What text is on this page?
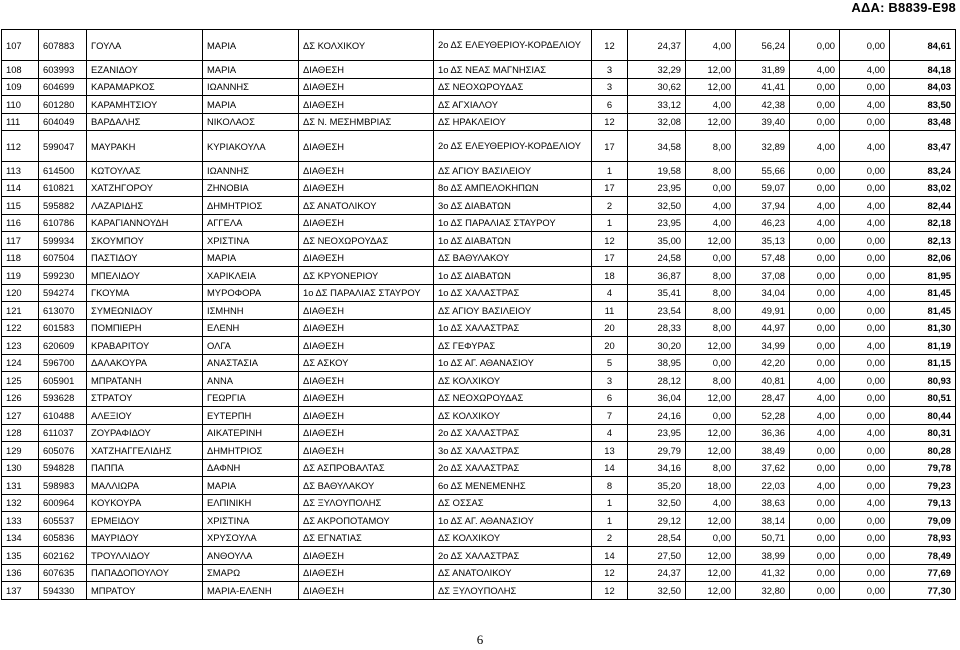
ΑΔΑ: Β8839-Ε98
107	607883	ΓΟΥΛΑ	ΜΑΡΙΑ	ΔΣ ΚΟΛΧΙΚΟΥ	2ο ΔΣ ΕΛΕΥΘΕΡΙΟΥ-ΚΟΡΔΕΛΙΟΥ	12	24,37	4,00	56,24	0,00	0,00	84,61
108	603993	ΕΖΑΝΙΔΟΥ	ΜΑΡΙΑ	ΔΙΑΘΕΣΗ	1ο ΔΣ ΝΕΑΣ ΜΑΓΝΗΣΙΑΣ	3	32,29	12,00	31,89	4,00	4,00	84,18
109	604699	ΚΑΡΑΜΑΡΚΟΣ	ΙΩΑΝΝΗΣ	ΔΙΑΘΕΣΗ	ΔΣ ΝΕΟΧΩΡΟΥΔΑΣ	3	30,62	12,00	41,41	0,00	0,00	84,03
110	601280	ΚΑΡΑΜΗΤΣΙΟΥ	ΜΑΡΙΑ	ΔΙΑΘΕΣΗ	ΔΣ ΑΓΧΙΑΛΟΥ	6	33,12	4,00	42,38	0,00	4,00	83,50
111	604049	ΒΑΡΔΑΛΗΣ	ΝΙΚΟΛΑΟΣ	ΔΣ Ν. ΜΕΣΗΜΒΡΙΑΣ	ΔΣ ΗΡΑΚΛΕΙΟΥ	12	32,08	12,00	39,40	0,00	0,00	83,48
112	599047	ΜΑΥΡΑΚΗ	ΚΥΡΙΑΚΟΥΛΑ	ΔΙΑΘΕΣΗ	2ο ΔΣ ΕΛΕΥΘΕΡΙΟΥ-ΚΟΡΔΕΛΙΟΥ	17	34,58	8,00	32,89	4,00	4,00	83,47
113	614500	ΚΩΤΟΥΛΑΣ	ΙΩΑΝΝΗΣ	ΔΙΑΘΕΣΗ	ΔΣ ΑΓΙΟΥ ΒΑΣΙΛΕΙΟΥ	1	19,58	8,00	55,66	0,00	0,00	83,24
114	610821	ΧΑΤΖΗΓΟΡΟΥ	ΖΗΝΟΒΙΑ	ΔΙΑΘΕΣΗ	8ο ΔΣ ΑΜΠΕΛΟΚΗΠΩΝ	17	23,95	0,00	59,07	0,00	0,00	83,02
115	595882	ΛΑΖΑΡΙΔΗΣ	ΔΗΜΗΤΡΙΟΣ	ΔΣ ΑΝΑΤΟΛΙΚΟΥ	3ο ΔΣ ΔΙΑΒΑΤΩΝ	2	32,50	4,00	37,94	4,00	4,00	82,44
116	610786	ΚΑΡΑΓΙΑΝΝΟΥΔΗ	ΑΓΓΕΛΑ	ΔΙΑΘΕΣΗ	1ο ΔΣ ΠΑΡΑΛΙΑΣ ΣΤΑΥΡΟΥ	1	23,95	4,00	46,23	4,00	4,00	82,18
117	599934	ΣΚΟΥΜΠΟΥ	ΧΡΙΣΤΙΝΑ	ΔΣ ΝΕΟΧΩΡΟΥΔΑΣ	1ο ΔΣ ΔΙΑΒΑΤΩΝ	12	35,00	12,00	35,13	0,00	0,00	82,13
118	607504	ΠΑΣΤΙΔΟΥ	ΜΑΡΙΑ	ΔΙΑΘΕΣΗ	ΔΣ ΒΑΘΥΛΑΚΟΥ	17	24,58	0,00	57,48	0,00	0,00	82,06
119	599230	ΜΠΕΛΙΔΟΥ	ΧΑΡΙΚΛΕΙΑ	ΔΣ ΚΡΥΟΝΕΡΙΟΥ	1ο ΔΣ ΔΙΑΒΑΤΩΝ	18	36,87	8,00	37,08	0,00	0,00	81,95
120	594274	ΓΚΟΥΜΑ	ΜΥΡΟΦΟΡΑ	1ο ΔΣ ΠΑΡΑΛΙΑΣ ΣΤΑΥΡΟΥ	1ο ΔΣ ΧΑΛΑΣΤΡΑΣ	4	35,41	8,00	34,04	0,00	4,00	81,45
121	613070	ΣΥΜΕΩΝΙΔΟΥ	ΙΣΜΗΝΗ	ΔΙΑΘΕΣΗ	ΔΣ ΑΓΙΟΥ ΒΑΣΙΛΕΙΟΥ	11	23,54	8,00	49,91	0,00	0,00	81,45
122	601583	ΠΟΜΠΙΕΡΗ	ΕΛΕΝΗ	ΔΙΑΘΕΣΗ	1ο ΔΣ ΧΑΛΑΣΤΡΑΣ	20	28,33	8,00	44,97	0,00	0,00	81,30
123	620609	ΚΡΑΒΑΡΙΤΟΥ	ΟΛΓΑ	ΔΙΑΘΕΣΗ	ΔΣ ΓΕΦΥΡΑΣ	20	30,20	12,00	34,99	0,00	4,00	81,19
124	596700	ΔΑΛΑΚΟΥΡΑ	ΑΝΑΣΤΑΣΙΑ	ΔΣ ΑΣΚΟΥ	1ο ΔΣ ΑΓ. ΑΘΑΝΑΣΙΟΥ	5	38,95	0,00	42,20	0,00	0,00	81,15
125	605901	ΜΠΡΑΤΑΝΗ	ΑΝΝΑ	ΔΙΑΘΕΣΗ	ΔΣ ΚΟΛΧΙΚΟΥ	3	28,12	8,00	40,81	4,00	0,00	80,93
126	593628	ΣΤΡΑΤΟΥ	ΓΕΩΡΓΙΑ	ΔΙΑΘΕΣΗ	ΔΣ ΝΕΟΧΩΡΟΥΔΑΣ	6	36,04	12,00	28,47	4,00	0,00	80,51
127	610488	ΑΛΕΞΙΟΥ	ΕΥΤΕΡΠΗ	ΔΙΑΘΕΣΗ	ΔΣ ΚΟΛΧΙΚΟΥ	7	24,16	0,00	52,28	4,00	0,00	80,44
128	611037	ΖΟΥΡΑΦΙΔΟΥ	ΑΙΚΑΤΕΡΙΝΗ	ΔΙΑΘΕΣΗ	2ο ΔΣ ΧΑΛΑΣΤΡΑΣ	4	23,95	12,00	36,36	4,00	4,00	80,31
129	605076	ΧΑΤΖΗΑΓΓΕΛΙΔΗΣ	ΔΗΜΗΤΡΙΟΣ	ΔΙΑΘΕΣΗ	3ο ΔΣ ΧΑΛΑΣΤΡΑΣ	13	29,79	12,00	38,49	0,00	0,00	80,28
130	594828	ΠΑΠΠΑ	ΔΑΦΝΗ	ΔΣ ΑΣΠΡΟΒΑΛΤΑΣ	2ο ΔΣ ΧΑΛΑΣΤΡΑΣ	14	34,16	8,00	37,62	0,00	0,00	79,78
131	598983	ΜΑΛΛΙΩΡΑ	ΜΑΡΙΑ	ΔΣ ΒΑΘΥΛΑΚΟΥ	6ο ΔΣ ΜΕΝΕΜΕΝΗΣ	8	35,20	18,00	22,03	4,00	0,00	79,23
132	600964	ΚΟΥΚΟΥΡΑ	ΕΛΠΙΝΙΚΗ	ΔΣ ΞΥΛΟΥΠΟΛΗΣ	ΔΣ ΟΣΣΑΣ	1	32,50	4,00	38,63	0,00	4,00	79,13
133	605537	ΕΡΜΕΙΔΟΥ	ΧΡΙΣΤΙΝΑ	ΔΣ ΑΚΡΟΠΟΤΑΜΟΥ	1ο ΔΣ ΑΓ. ΑΘΑΝΑΣΙΟΥ	1	29,12	12,00	38,14	0,00	0,00	79,09
134	605836	ΜΑΥΡΙΔΟΥ	ΧΡΥΣΟΥΛΑ	ΔΣ ΕΓΝΑΤΙΑΣ	ΔΣ ΚΟΛΧΙΚΟΥ	2	28,54	0,00	50,71	0,00	0,00	78,93
135	602162	ΤΡΟΥΛΛΙΔΟΥ	ΑΝΘΟΥΛΑ	ΔΙΑΘΕΣΗ	2ο ΔΣ ΧΑΛΑΣΤΡΑΣ	14	27,50	12,00	38,99	0,00	0,00	78,49
136	607635	ΠΑΠΑΔΟΠΟΥΛΟΥ	ΣΜΑΡΩ	ΔΙΑΘΕΣΗ	ΔΣ ΑΝΑΤΟΛΙΚΟΥ	12	24,37	12,00	41,32	0,00	0,00	77,69
137	594330	ΜΠΡΑΤΟΥ	ΜΑΡΙΑ-ΕΛΕΝΗ	ΔΙΑΘΕΣΗ	ΔΣ ΞΥΛΟΥΠΟΛΗΣ	12	32,50	12,00	32,80	0,00	0,00	77,30
6
